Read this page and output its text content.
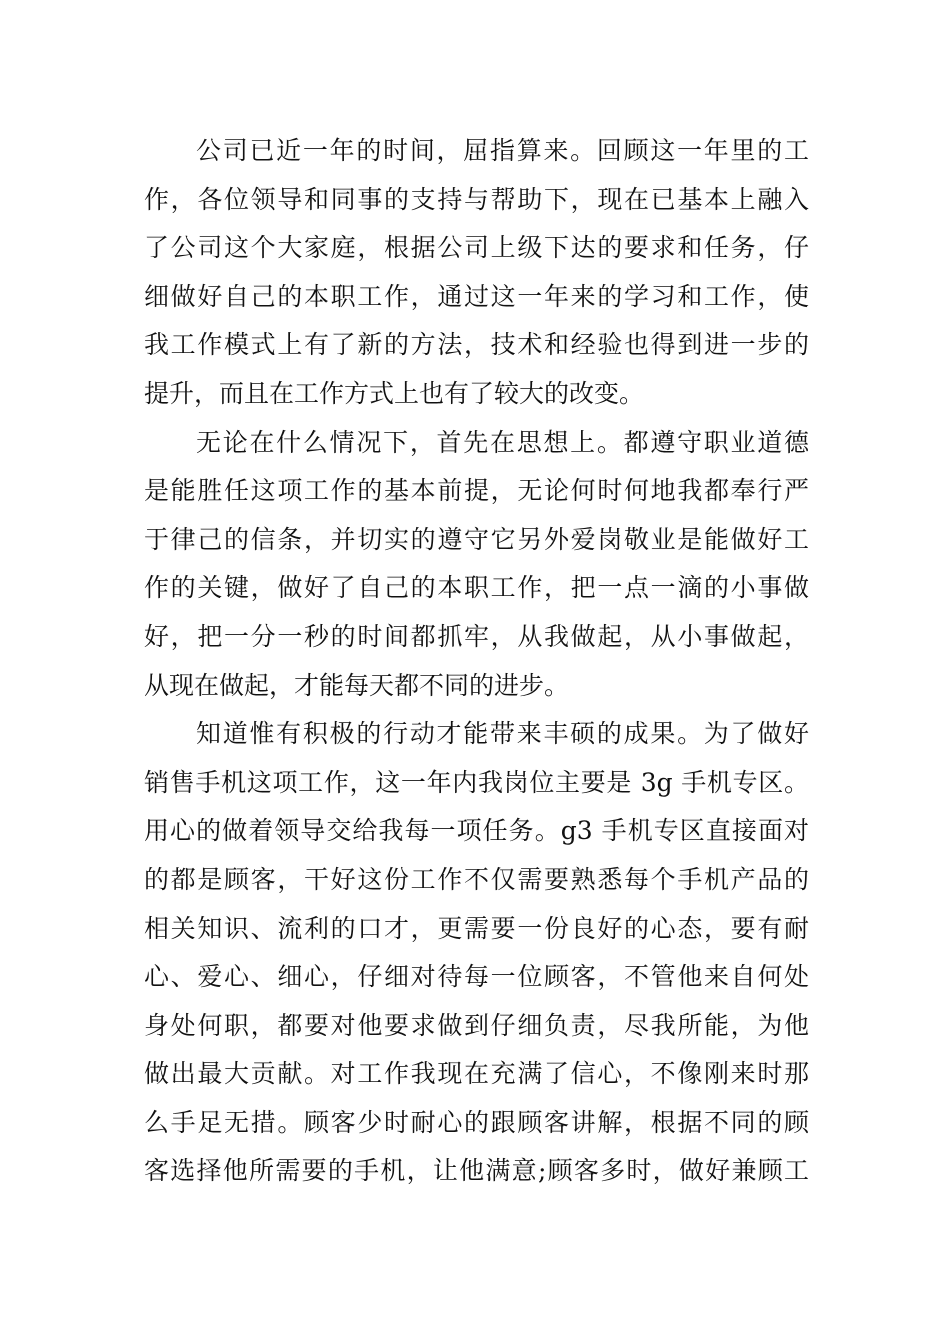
公司已近一年的时间，屈指算来。回顾这一年里的工
作，各位领导和同事的支持与帮助下，现在已基本上融入
了公司这个大家庭，根据公司上级下达的要求和任务，仔
细做好自己的本职工作，通过这一年来的学习和工作，使
我工作模式上有了新的方法，技术和经验也得到进一步的
提升，而且在工作方式上也有了较大的改变。
无论在什么情况下，首先在思想上。都遵守职业道德
是能胜任这项工作的基本前提，无论何时何地我都奉行严
于律己的信条，并切实的遵守它另外爱岗敬业是能做好工
作的关键，做好了自己的本职工作，把一点一滴的小事做
好，把一分一秒的时间都抓牢，从我做起，从小事做起，
从现在做起，才能每天都不同的进步。
知道惟有积极的行动才能带来丰硕的成果。为了做好
销售手机这项工作，这一年内我岗位主要是 3g 手机专区。
用心的做着领导交给我每一项任务。g3 手机专区直接面对
的都是顾客，干好这份工作不仅需要熟悉每个手机产品的
相关知识、流利的口才，更需要一份良好的心态，要有耐
心、爱心、细心，仔细对待每一位顾客，不管他来自何处
身处何职，都要对他要求做到仔细负责，尽我所能，为他
做出最大贡献。对工作我现在充满了信心，不像刚来时那
么手足无措。顾客少时耐心的跟顾客讲解，根据不同的顾
客选择他所需要的手机，让他满意;顾客多时，做好兼顾工
